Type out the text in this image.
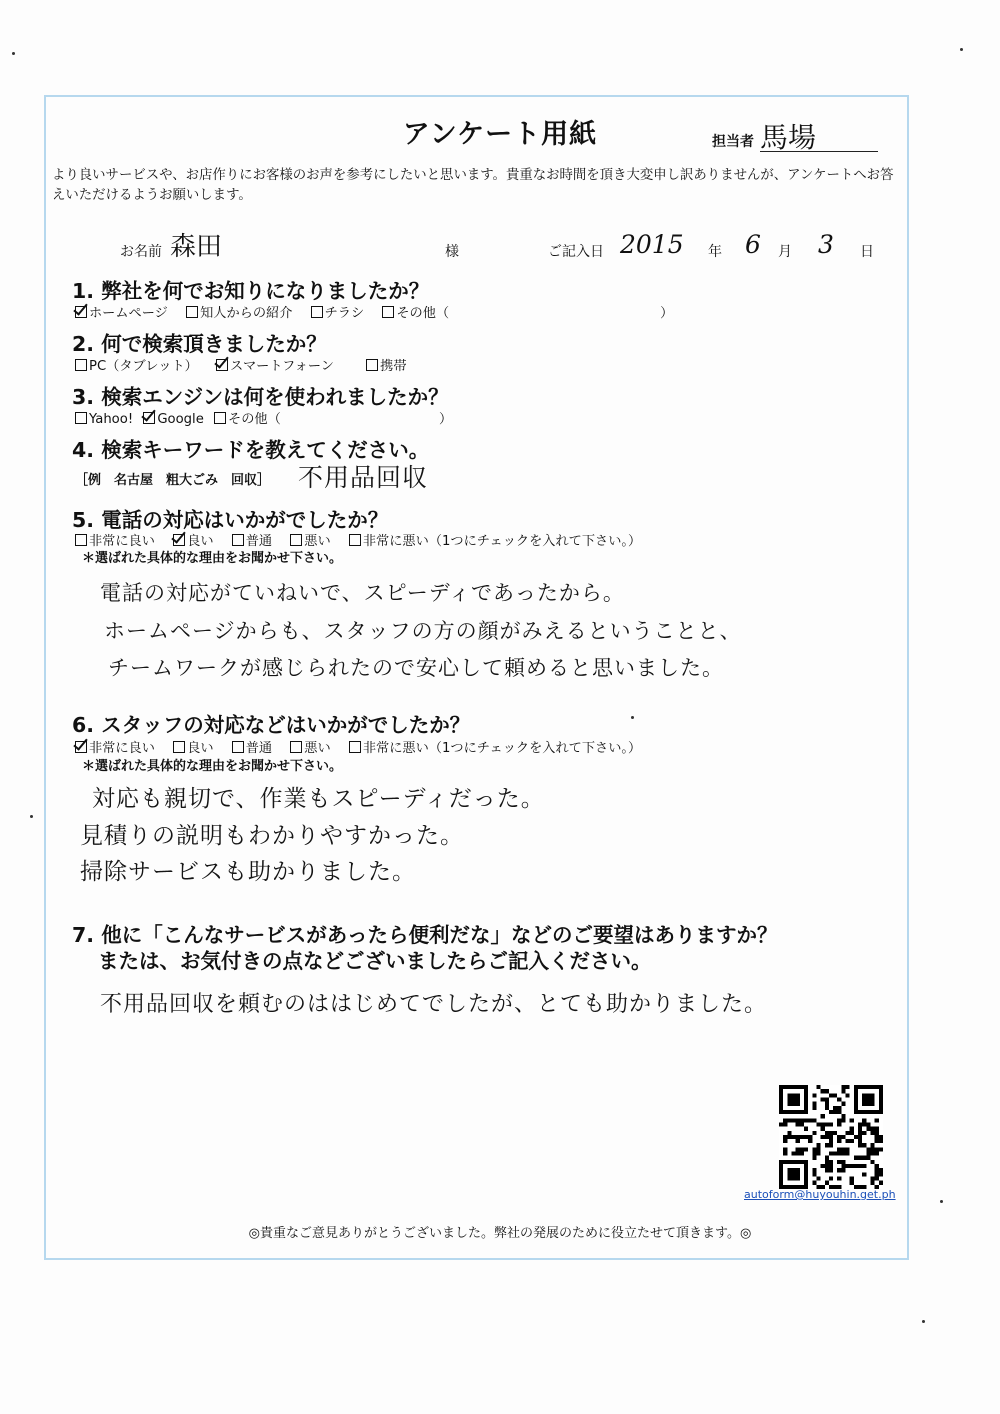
アンケート用紙	担当者 馬場
より良いサービスや、お店作りにお客様のお声を参考にしたいと思います。貴重なお時間を頂き大変申し訳ありませんが、アンケートへお答えいただけるようお願いします。
お名前 森田	様	ご記入日 2015 年 6 月 3 日
1. 弊社を何でお知りになりましたか？
ホームページ 知人からの紹介 チラシ その他（　　　　　　　　　　　　　　　　）
2. 何で検索頂きましたか？
PC（タブレット） スマートフォーン	携帯
3. 検索エンジンは何を使われましたか？
Yahoo! Google その他（　　　　　　　　　　　　）
4. 検索キーワードを教えてください。
［例　名古屋　粗大ごみ　回収］ 不用品回収
5. 電話の対応はいかがでしたか？
非常に良い 良い 普通 悪い 非常に悪い（1つにチェックを入れて下さい。）
＊選ばれた具体的な理由をお聞かせ下さい。
電話の対応がていねいで、スピーディであったから。
ホームページからも、スタッフの方の顔がみえるということと、
チームワークが感じられたので安心して頼めると思いました。
6. スタッフの対応などはいかがでしたか？
非常に良い 良い 普通 悪い 非常に悪い（1つにチェックを入れて下さい。）
＊選ばれた具体的な理由をお聞かせ下さい。
対応も親切で、作業もスピーディだった。
見積りの説明もわかりやすかった。
掃除サービスも助かりました。
7. 他に「こんなサービスがあったら便利だな」などのご要望はありますか？
または、お気付きの点などございましたらご記入ください。
不用品回収を頼むのははじめてでしたが、とても助かりました。
autoform@huyouhin.get.ph
◎貴重なご意見ありがとうございました。弊社の発展のために役立たせて頂きます。◎
